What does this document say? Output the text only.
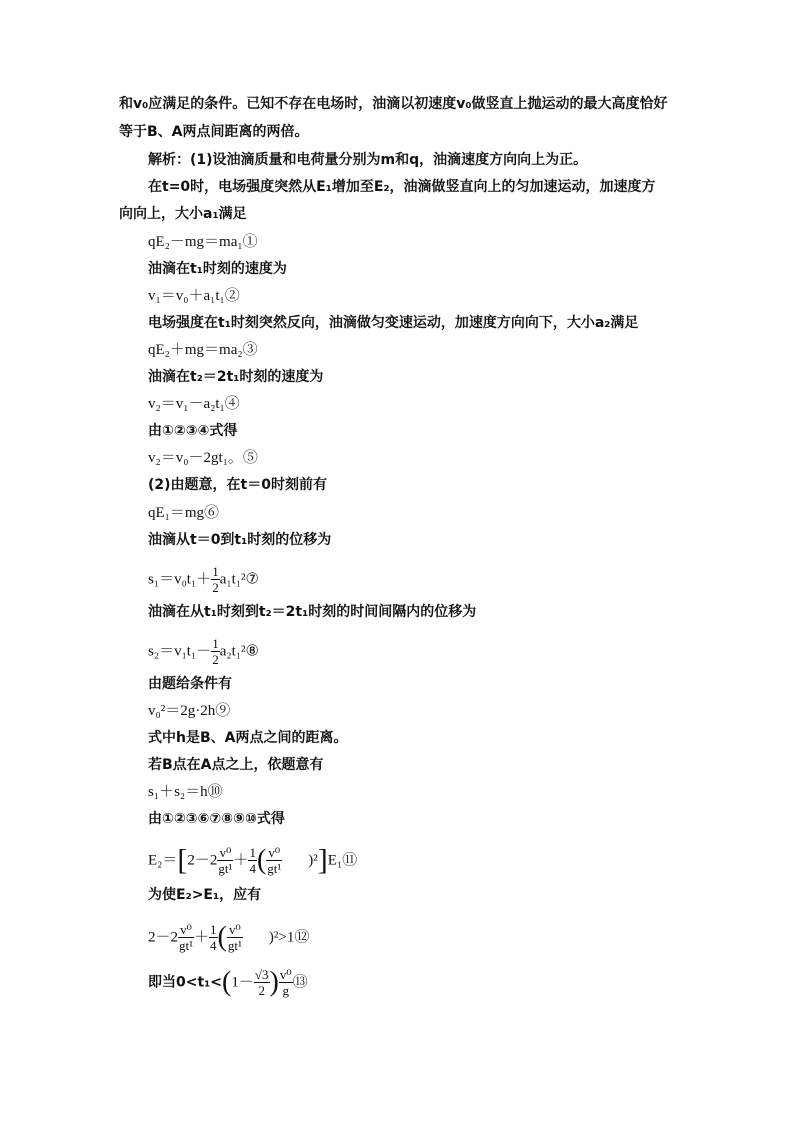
和v₀应满足的条件。已知不存在电场时，油滴以初速度v₀做竖直上抛运动的最大高度恰好
等于B、A两点间距离的两倍。
解析：(1)设油滴质量和电荷量分别为m和q，油滴速度方向向上为正。
在t=0时，电场强度突然从E₁增加至E₂，油滴做竖直向上的匀加速运动，加速度方
向向上，大小a₁满足
qE₂－mg＝ma₁①
油滴在t₁时刻的速度为
v₁＝v₀＋a₁t₁②
电场强度在t₁时刻突然反向，油滴做匀变速运动，加速度方向向下，大小a₂满足
qE₂＋mg＝ma₂③
油滴在t₂＝2t₁时刻的速度为
v₂＝v₁－a₂t₁④
由①②③④式得
v₂＝v₀－2gt₁。⑤
(2)由题意，在t＝0时刻前有
qE₁＝mg⑥
油滴从t＝0到t₁时刻的位移为
$s_1=v_0t_1+ \frac{1}{2}$ a₁t₁²⑦
油滴在从t₁时刻到t₂＝2t₁时刻的时间间隔内的位移为
$s_2=v_1t_1- \frac{1}{2}$ a₂t₁²⑧
由题给条件有
v₀²＝2g·2h⑨
式中h是B、A两点之间的距离。
若B点在A点之上，依题意有
s₁＋s₂＝h⑩
由①②③⑥⑦⑧⑨⑩式得
$E_2=[2-2 \frac{\text{v⁰}}{\text{gt¹}} + \frac{1}{4}$ ( $\frac{\text{v⁰}}{\text{gt¹}}$ )²]E₁⑪
为使E₂>E₁，应有
$2-2 \frac{\text{v⁰}}{\text{gt¹}} + \frac{1}{4}$ ( $\frac{\text{v⁰}}{\text{gt¹}}$ )²>1⑫
即当$0<t_1<(1- \frac{√3}{2}$ ) $\frac{\text{v⁰}}{g}$ ⑬
